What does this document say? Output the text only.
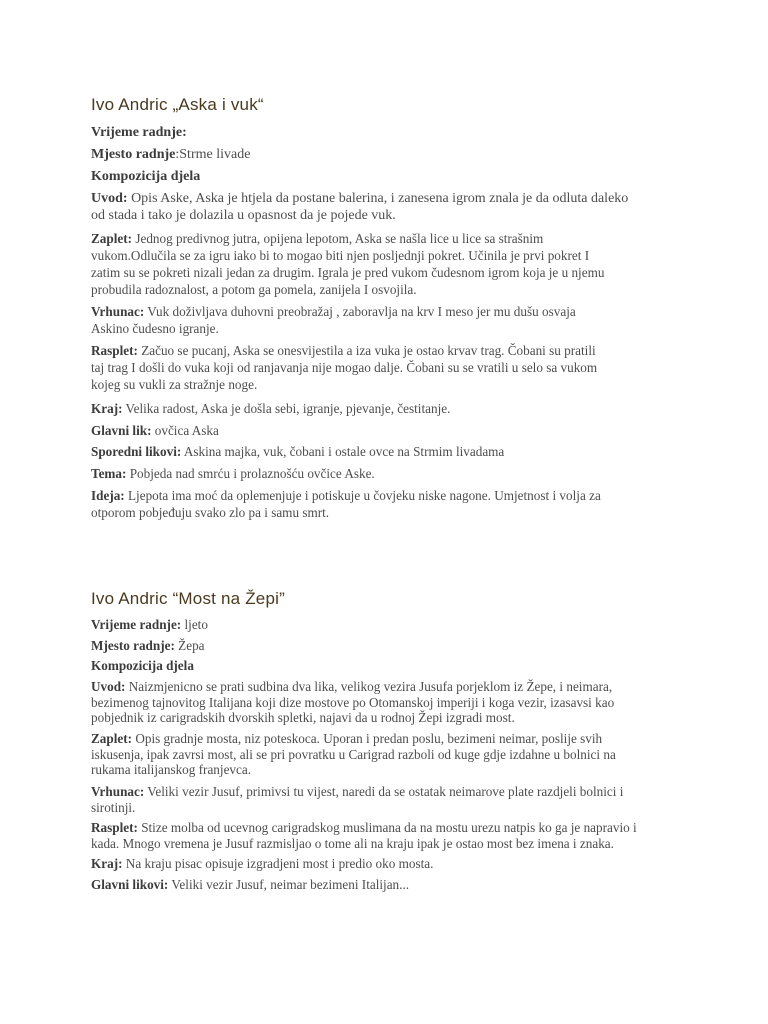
Ivo Andric „Aska i vuk“

Vrijeme radnje:

Mjesto radnje:Strme livade

Kompozicija djela

Uvod: Opis Aske, Aska je htjela da postane balerina, i zanesena igrom znala je da odluta daleko
od stada i tako je dolazila u opasnost da je pojede vuk.

Zaplet: Jednog predivnog jutra, opijena lepotom, Aska se našla lice u lice sa strašnim
vukom.Odlučila se za igru iako bi to mogao biti njen posljednji pokret. Učinila je prvi pokret I
zatim su se pokreti nizali jedan za drugim. Igrala je pred vukom čudesnom igrom koja je u njemu
probudila radoznalost, a potom ga pomela, zanijela I osvojila.

Vrhunac: Vuk doživljava duhovni preobražaj , zaboravlja na krv I meso jer mu dušu osvaja
Askino čudesno igranje.

Rasplet: Začuo se pucanj, Aska se onesvijestila a iza vuka je ostao krvav trag. Čobani su pratili
taj trag I došli do vuka koji od ranjavanja nije mogao dalje. Čobani su se vratili u selo sa vukom
kojeg su vukli za stražnje noge.

Kraj: Velika radost, Aska je došla sebi, igranje, pjevanje, čestitanje.

Glavni lik: ovčica Aska

Sporedni likovi: Askina majka, vuk, čobani i ostale ovce na Strmim livadama

Tema: Pobjeda nad smrću i prolaznošću ovčice Aske.

Ideja: Ljepota ima moć da oplemenjuje i potiskuje u čovjeku niske nagone. Umjetnost i volja za
otporom pobjeđuju svako zlo pa i samu smrt.

Ivo Andric “Most na Žepi”

Vrijeme radnje: ljeto

Mjesto radnje: Žepa

Kompozicija djela

Uvod: Naizmjenicno se prati sudbina dva lika, velikog vezira Jusufa porjeklom iz Žepe, i neimara,
bezimenog tajnovitog Italijana koji dize mostove po Otomanskoj imperiji i koga vezir, izasavsi kao
pobjednik iz carigradskih dvorskih spletki, najavi da u rodnoj Žepi izgradi most.

Zaplet: Opis gradnje mosta, niz poteskoca. Uporan i predan poslu, bezimeni neimar, poslije svih
iskusenja, ipak zavrsi most, ali se pri povratku u Carigrad razboli od kuge gdje izdahne u bolnici na
rukama italijanskog franjevca.

Vrhunac: Veliki vezir Jusuf, primivsi tu vijest, naredi da se ostatak neimarove plate razdjeli bolnici i
sirotinji.

Rasplet: Stize molba od ucevnog carigradskog muslimana da na mostu urezu natpis ko ga je napravio i
kada. Mnogo vremena je Jusuf razmisljao o tome ali na kraju ipak je ostao most bez imena i znaka.

Kraj: Na kraju pisac opisuje izgradjeni most i predio oko mosta.

Glavni likovi: Veliki vezir Jusuf, neimar bezimeni Italijan...
